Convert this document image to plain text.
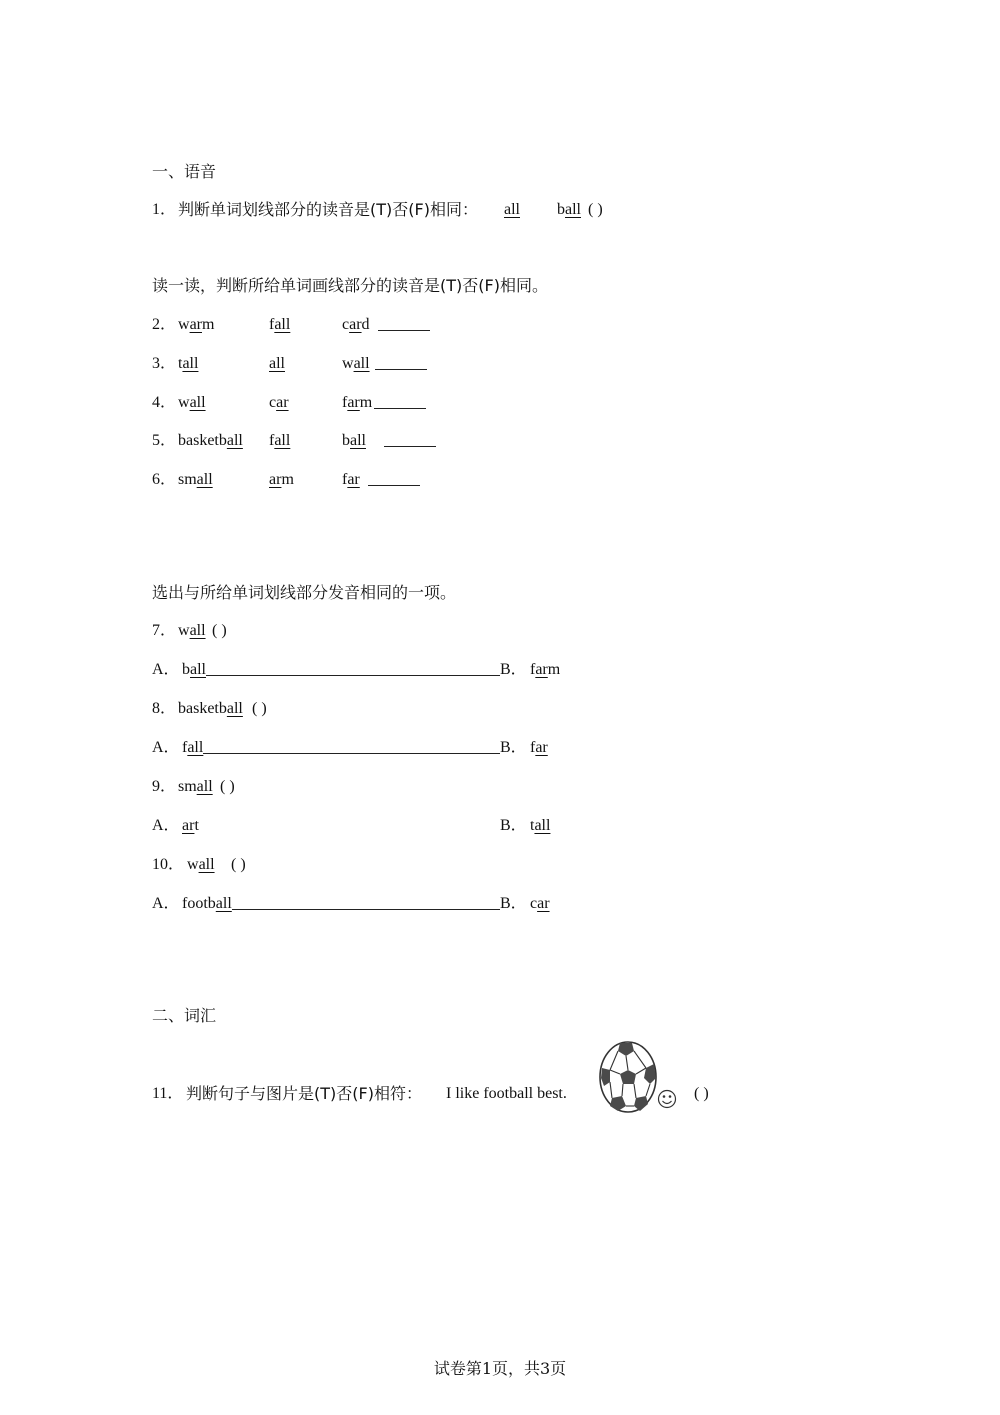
一、语音
1． 判断单词划线部分的读音是(T)否(F)相同： all ball ( )
读一读，判断所给单词画线部分的读音是(T)否(F)相同。
2． warm	fall	card
3． tall	all	wall
4． wall	car	farm
5． basketball fall	ball
6． small	arm	far
选出与所给单词划线部分发音相同的一项。
7． wall ( )
A． ball	B． farm
8． basketball ( )
A． fall	B． far
9． small ( )
A． art	B． tall
10． wall ( )
A． football	B． car
二、词汇
11． 判断句子与图片是(T)否(F)相符： I like football best.	( )
试卷第1页，共3页
